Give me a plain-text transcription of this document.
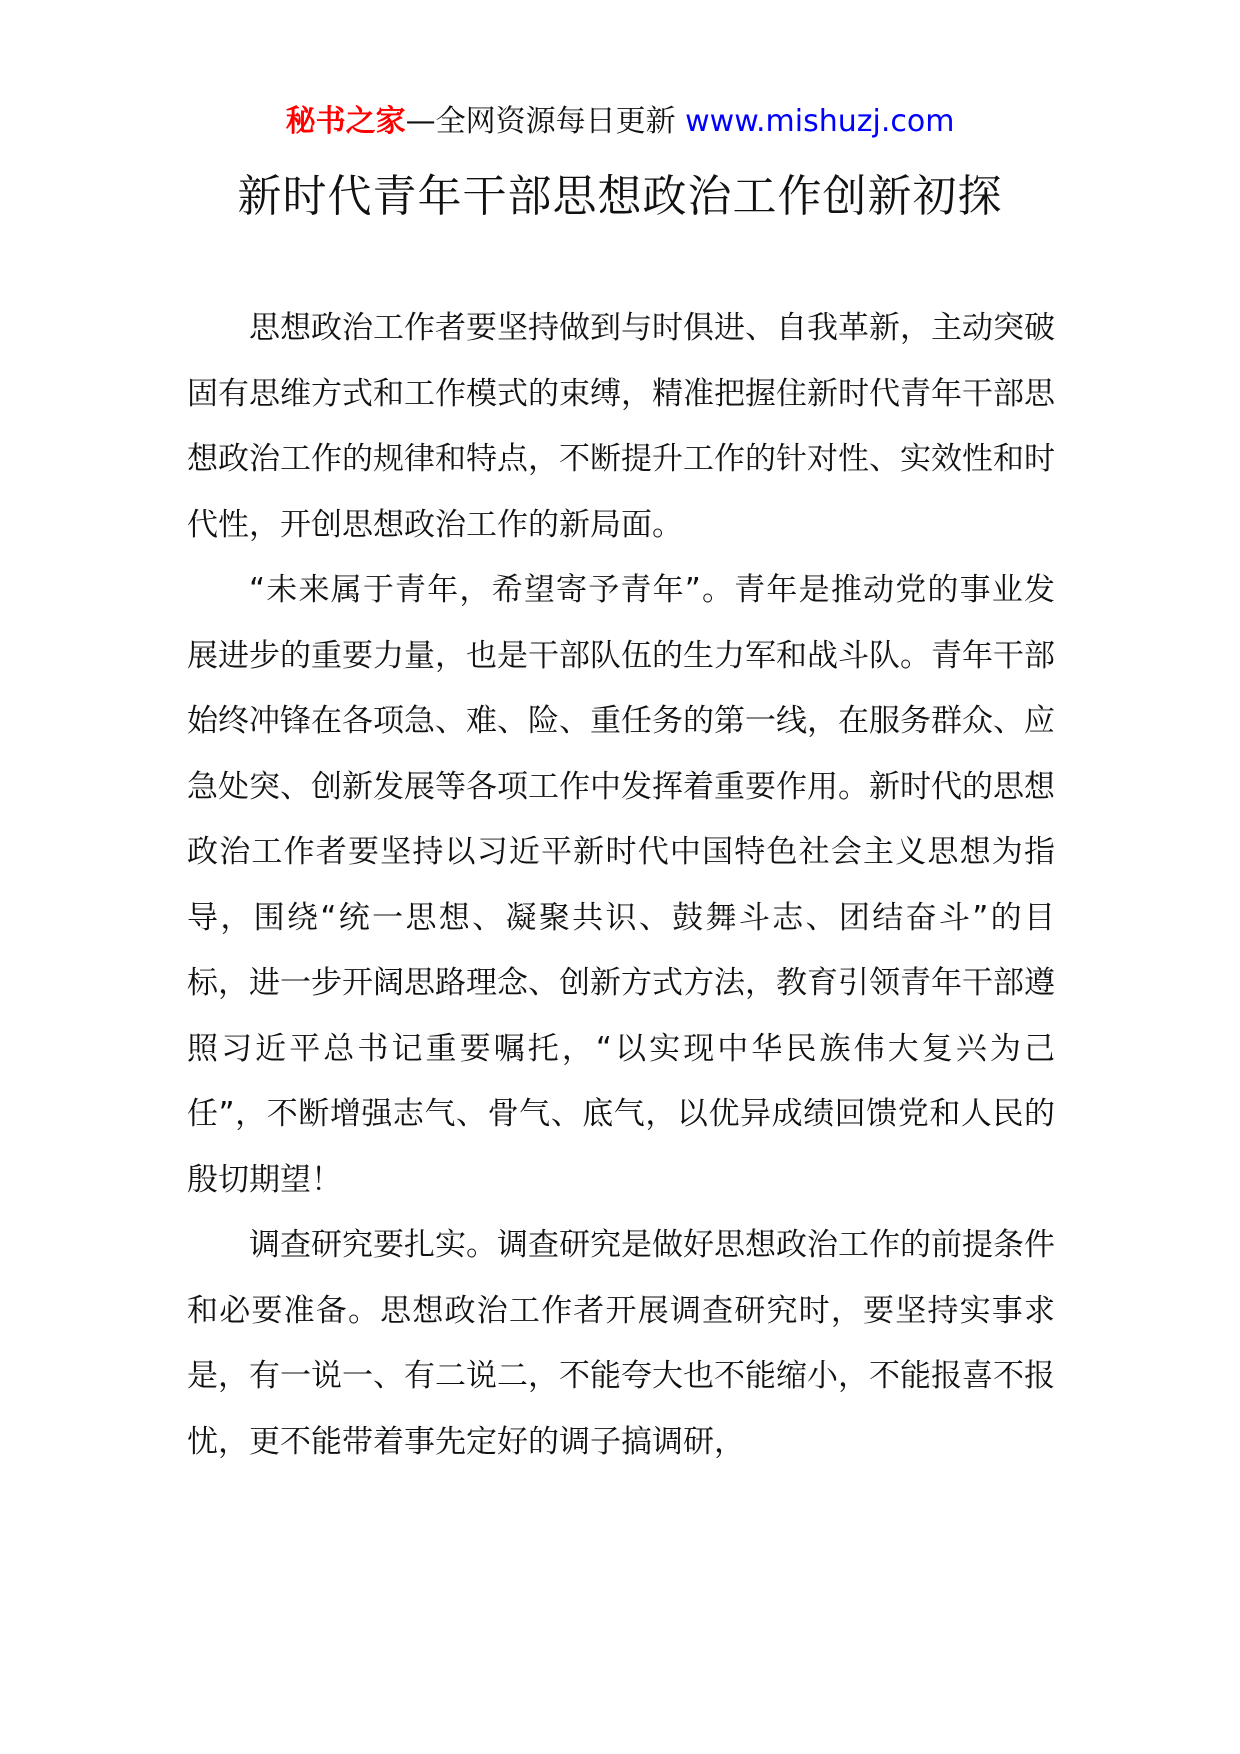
秘书之家—全网资源每日更新 www.mishuzj.com
新时代青年干部思想政治工作创新初探

思想政治工作者要坚持做到与时俱进、自我革新，主动突破固有思维方式和工作模式的束缚，精准把握住新时代青年干部思想政治工作的规律和特点，不断提升工作的针对性、实效性和时代性，开创思想政治工作的新局面。

“未来属于青年，希望寄予青年”。青年是推动党的事业发展进步的重要力量，也是干部队伍的生力军和战斗队。青年干部始终冲锋在各项急、难、险、重任务的第一线，在服务群众、应急处突、创新发展等各项工作中发挥着重要作用。新时代的思想政治工作者要坚持以习近平新时代中国特色社会主义思想为指导，围绕“统一思想、凝聚共识、鼓舞斗志、团结奋斗”的目标，进一步开阔思路理念、创新方式方法，教育引领青年干部遵照习近平总书记重要嘱托，“以实现中华民族伟大复兴为己任”，不断增强志气、骨气、底气，以优异成绩回馈党和人民的殷切期望！

调查研究要扎实。调查研究是做好思想政治工作的前提条件和必要准备。思想政治工作者开展调查研究时，要坚持实事求是，有一说一、有二说二，不能夸大也不能缩小，不能报喜不报忧，更不能带着事先定好的调子搞调研，
